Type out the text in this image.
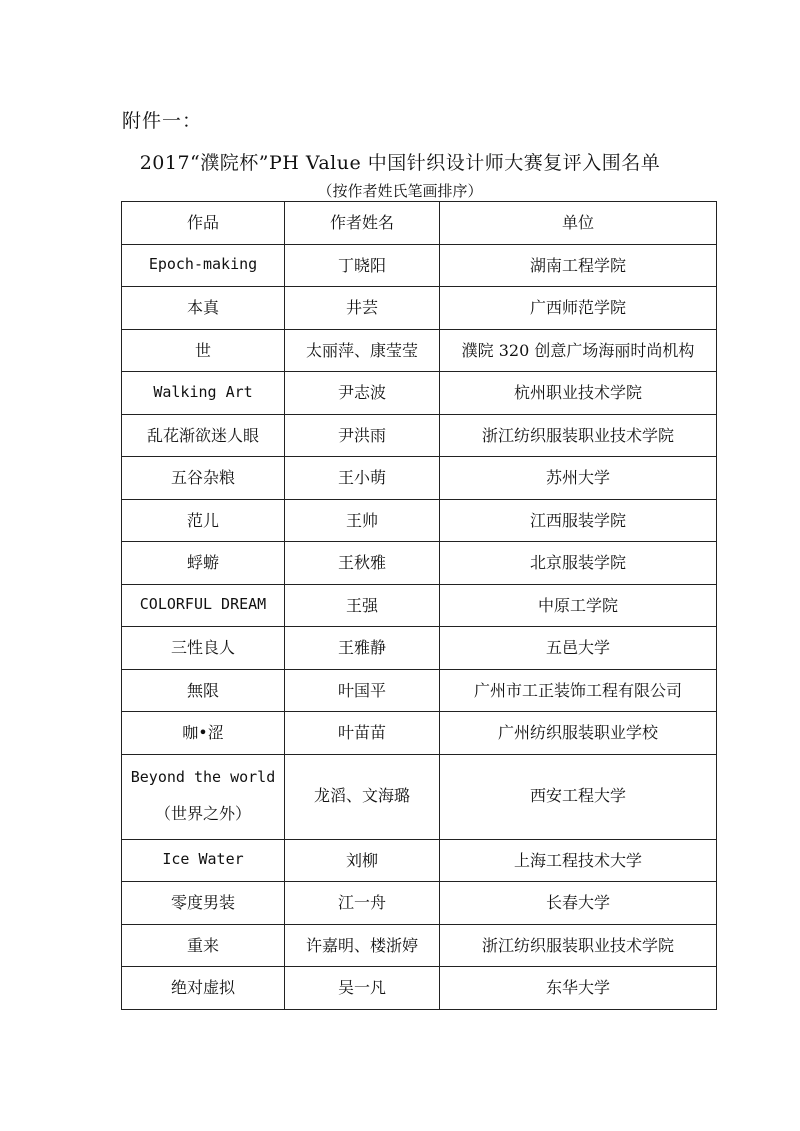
附件一：
2017“濮院杯”PH Value 中国针织设计师大赛复评入围名单
（按作者姓氏笔画排序）
作品	作者姓名	单位
Epoch-making	丁晓阳	湖南工程学院
本真	井芸	广西师范学院
世	太丽萍、康莹莹	濮院 320 创意广场海丽时尚机构
Walking Art	尹志波	杭州职业技术学院
乱花渐欲迷人眼	尹洪雨	浙江纺织服装职业技术学院
五谷杂粮	王小萌	苏州大学
范儿	王帅	江西服装学院
蜉蝣	王秋雅	北京服装学院
COLORFUL DREAM	王强	中原工学院
三性良人	王雅静	五邑大学
無限	叶国平	广州市工正装饰工程有限公司
咖•涩	叶苗苗	广州纺织服装职业学校

Beyond the world
（世界之外）	龙滔、文海璐	西安工程大学
Ice Water	刘柳	上海工程技术大学
零度男装	江一舟	长春大学
重来	许嘉明、楼浙婷	浙江纺织服装职业技术学院
绝对虚拟	吴一凡	东华大学
